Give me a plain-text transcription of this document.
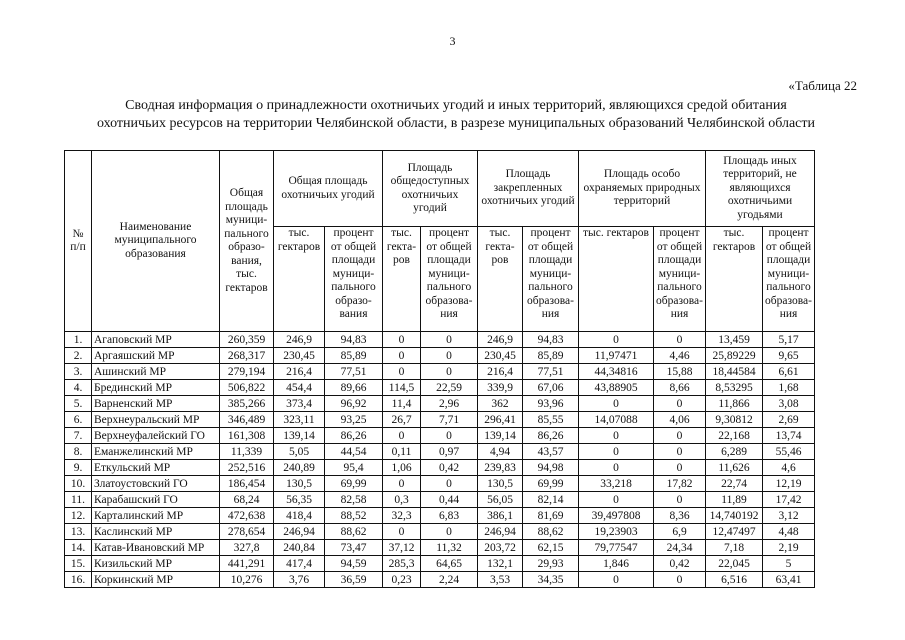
3
«Таблица 22
Сводная информация о принадлежности охотничьих угодий и иных территорий, являющихся средой обитания
охотничьих ресурсов на территории Челябинской области, в разрезе муниципальных образований Челябинской области
№ п/п	Наименование муниципального образования	Общая площадь муници-пального образо-вания, тыс. гектаров	Общая площадь охотничьих угодий		Площадь общедоступных охотничьих угодий		Площадь закрепленных охотничьих угодий		Площадь особо охраняемых природных территорий		Площадь иных территорий, не являющихся охотничьими угодьями	
			тыс. гектаров	процент от общей площади муници-пального образо-вания	тыс. гекта-ров	процент от общей площади муници-пального образова-ния	тыс. гекта-ров	процент от общей площади муници-пального образова-ния	тыс. гектаров	процент от общей площади муници-пального образова-ния	тыс. гектаров	процент от общей площади муници-пального образова-ния
1.	Агаповский МР	260,359	246,9	94,83	0	0	246,9	94,83	0	0	13,459	5,17
2.	Аргаяшский МР	268,317	230,45	85,89	0	0	230,45	85,89	11,97471	4,46	25,89229	9,65
3.	Ашинский МР	279,194	216,4	77,51	0	0	216,4	77,51	44,34816	15,88	18,44584	6,61
4.	Брединский МР	506,822	454,4	89,66	114,5	22,59	339,9	67,06	43,88905	8,66	8,53295	1,68
5.	Варненский МР	385,266	373,4	96,92	11,4	2,96	362	93,96	0	0	11,866	3,08
6.	Верхнеуральский МР	346,489	323,11	93,25	26,7	7,71	296,41	85,55	14,07088	4,06	9,30812	2,69
7.	Верхнеуфалейский ГО	161,308	139,14	86,26	0	0	139,14	86,26	0	0	22,168	13,74
8.	Еманжелинский МР	11,339	5,05	44,54	0,11	0,97	4,94	43,57	0	0	6,289	55,46
9.	Еткульский МР	252,516	240,89	95,4	1,06	0,42	239,83	94,98	0	0	11,626	4,6
10.	Златоустовский ГО	186,454	130,5	69,99	0	0	130,5	69,99	33,218	17,82	22,74	12,19
11.	Карабашский ГО	68,24	56,35	82,58	0,3	0,44	56,05	82,14	0	0	11,89	17,42
12.	Карталинский МР	472,638	418,4	88,52	32,3	6,83	386,1	81,69	39,497808	8,36	14,740192	3,12
13.	Каслинский МР	278,654	246,94	88,62	0	0	246,94	88,62	19,23903	6,9	12,47497	4,48
14.	Катав-Ивановский МР	327,8	240,84	73,47	37,12	11,32	203,72	62,15	79,77547	24,34	7,18	2,19
15.	Кизильский МР	441,291	417,4	94,59	285,3	64,65	132,1	29,93	1,846	0,42	22,045	5
16.	Коркинский МР	10,276	3,76	36,59	0,23	2,24	3,53	34,35	0	0	6,516	63,41
